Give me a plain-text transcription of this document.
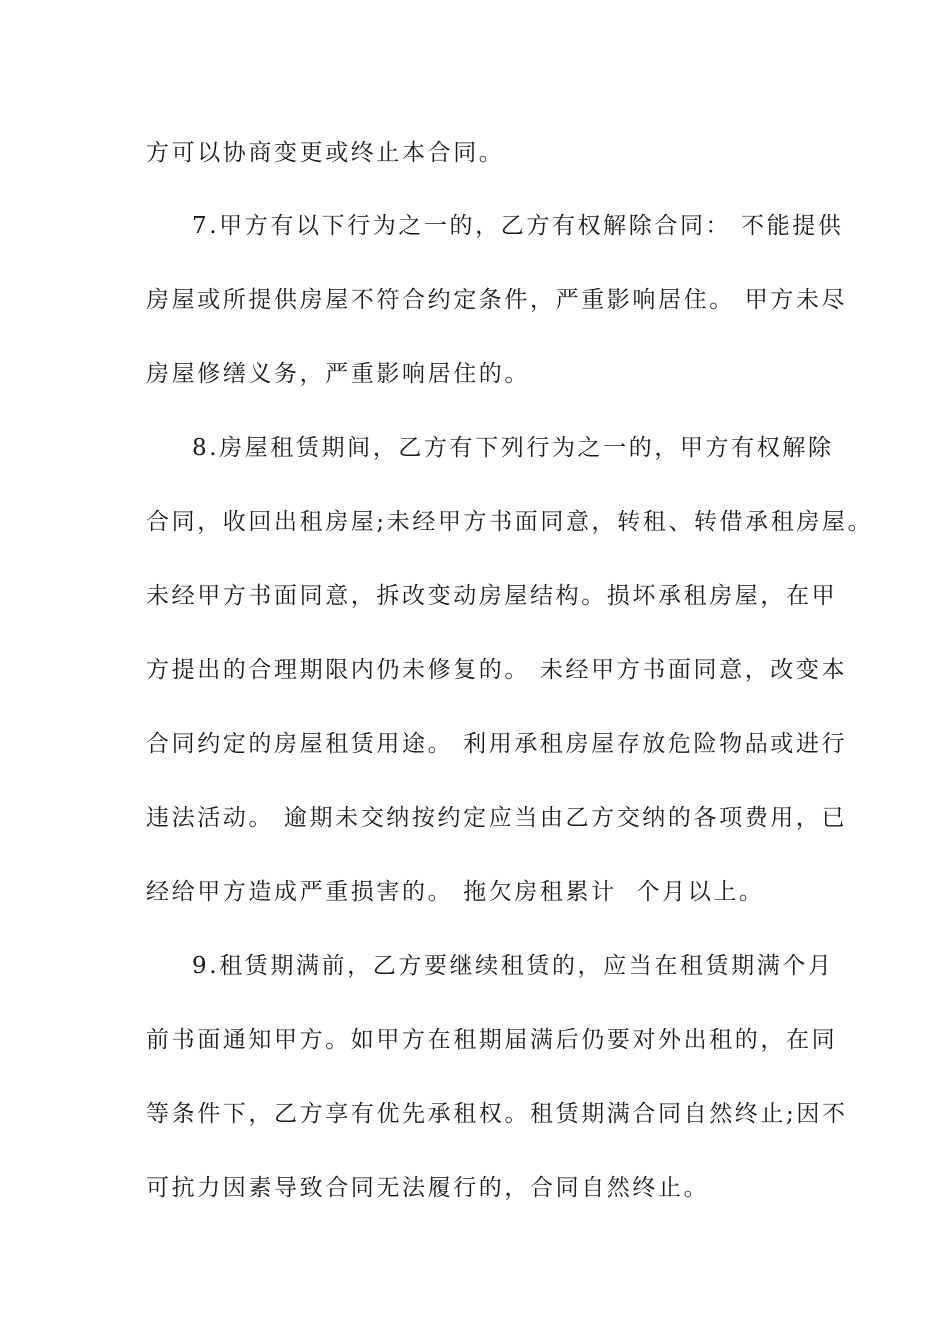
方可以协商变更或终止本合同。
7.甲方有以下行为之一的，乙方有权解除合同： 不能提供
房屋或所提供房屋不符合约定条件，严重影响居住。 甲方未尽
房屋修缮义务，严重影响居住的。
8.房屋租赁期间，乙方有下列行为之一的，甲方有权解除
合同，收回出租房屋;未经甲方书面同意，转租、转借承租房屋。
未经甲方书面同意，拆改变动房屋结构。损坏承租房屋，在甲
方提出的合理期限内仍未修复的。 未经甲方书面同意，改变本
合同约定的房屋租赁用途。 利用承租房屋存放危险物品或进行
违法活动。 逾期未交纳按约定应当由乙方交纳的各项费用，已
经给甲方造成严重损害的。 拖欠房租累计  个月以上。
9.租赁期满前，乙方要继续租赁的，应当在租赁期满个月
前书面通知甲方。如甲方在租期届满后仍要对外出租的，在同
等条件下，乙方享有优先承租权。租赁期满合同自然终止;因不
可抗力因素导致合同无法履行的，合同自然终止。
